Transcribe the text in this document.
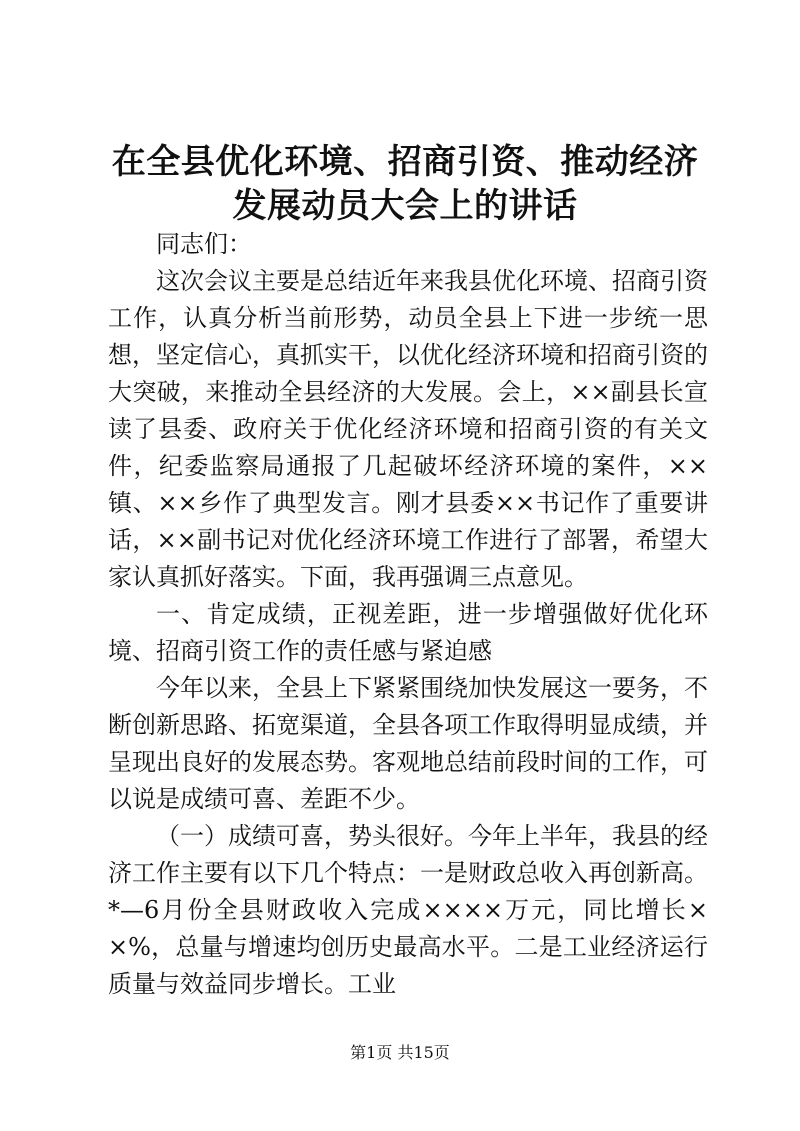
在全县优化环境、招商引资、推动经济发展动员大会上的讲话

同志们：

这次会议主要是总结近年来我县优化环境、招商引资工作，认真分析当前形势，动员全县上下进一步统一思想，坚定信心，真抓实干，以优化经济环境和招商引资的大突破，来推动全县经济的大发展。会上，××副县长宣读了县委、政府关于优化经济环境和招商引资的有关文件，纪委监察局通报了几起破坏经济环境的案件，××镇、××乡作了典型发言。刚才县委××书记作了重要讲话，××副书记对优化经济环境工作进行了部署，希望大家认真抓好落实。下面，我再强调三点意见。

一、肯定成绩，正视差距，进一步增强做好优化环境、招商引资工作的责任感与紧迫感

今年以来，全县上下紧紧围绕加快发展这一要务，不断创新思路、拓宽渠道，全县各项工作取得明显成绩，并呈现出良好的发展态势。客观地总结前段时间的工作，可以说是成绩可喜、差距不少。

（一）成绩可喜，势头很好。今年上半年，我县的经济工作主要有以下几个特点：一是财政总收入再创新高。*—6月份全县财政收入完成××××万元，同比增长××%，总量与增速均创历史最高水平。二是工业经济运行质量与效益同步增长。工业

第1页 共15页
